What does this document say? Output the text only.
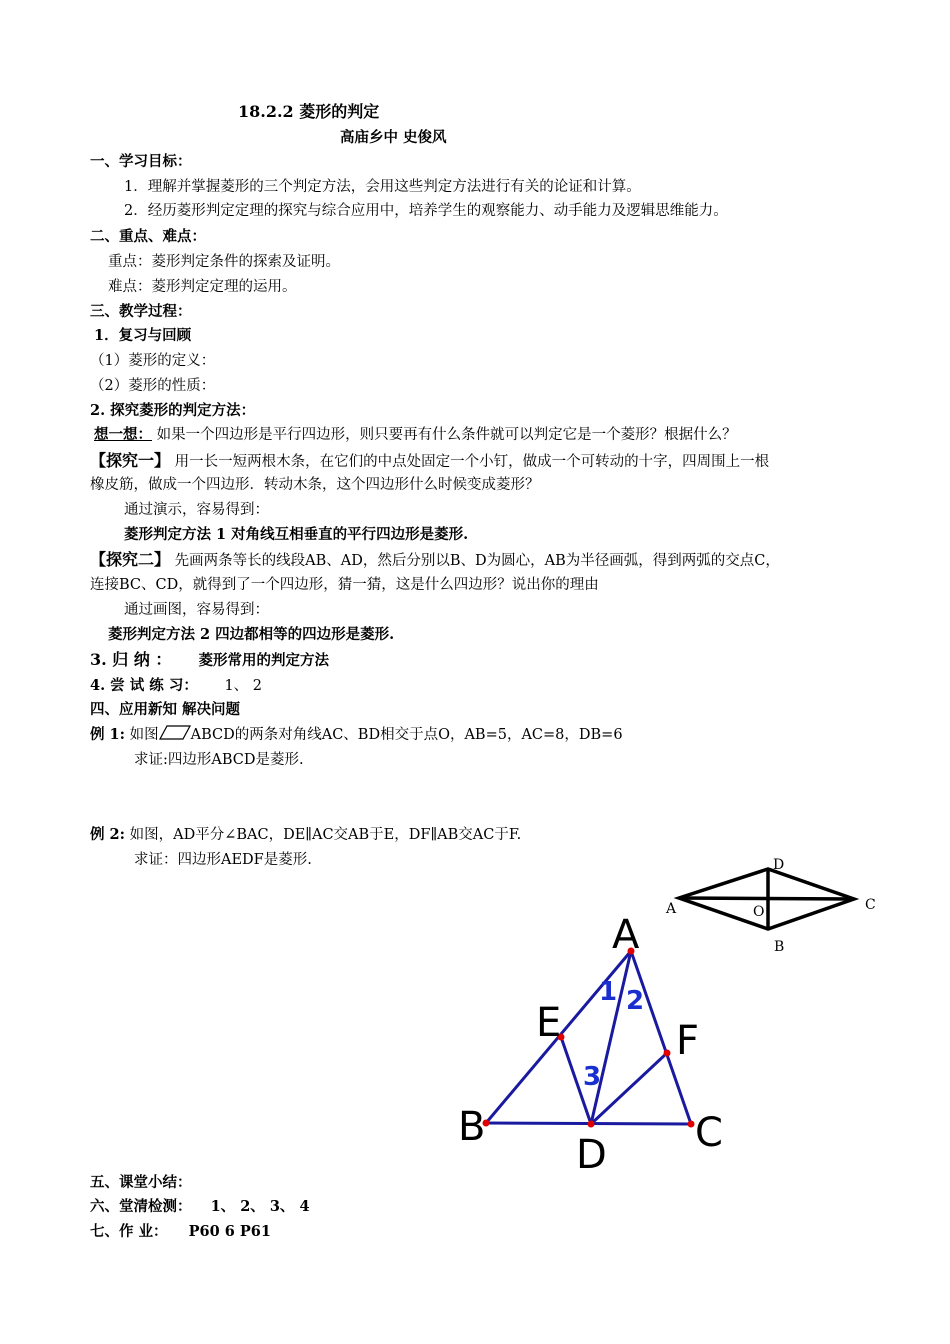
18.2.2 菱形的判定
高庙乡中 史俊风
一、学习目标：
1．理解并掌握菱形的三个判定方法，会用这些判定方法进行有关的论证和计算。
2．经历菱形判定定理的探究与综合应用中，培养学生的观察能力、动手能力及逻辑思维能力。
二、重点、难点：
重点：菱形判定条件的探索及证明。
难点：菱形判定定理的运用。
三、教学过程：
1．复习与回顾
（1）菱形的定义：
（2）菱形的性质：
2. 探究菱形的判定方法：
想一想： 如果一个四边形是平行四边形，则只要再有什么条件就可以判定它是一个菱形？根据什么？
【探究一】 用一长一短两根木条，在它们的中点处固定一个小钉，做成一个可转动的十字，四周围上一根
橡皮筋，做成一个四边形．转动木条，这个四边形什么时候变成菱形？
通过演示，容易得到：
菱形判定方法 1 对角线互相垂直的平行四边形是菱形.
【探究二】 先画两条等长的线段AB、AD，然后分别以B、D为圆心，AB为半径画弧，得到两弧的交点C，
连接BC、CD，就得到了一个四边形，猜一猜，这是什么四边形？说出你的理由
通过画图，容易得到：
菱形判定方法 2 四边都相等的四边形是菱形.
3. 归 纳 ： 菱形常用的判定方法
4. 尝 试 练 习： 1、 2
四、应用新知 解决问题
例 1: 如图 ABCD的两条对角线AC、BD相交于点O，AB=5，AC=8，DB=6
求证:四边形ABCD是菱形.
例 2: 如图，AD平分∠BAC，DE∥AC交AB于E，DF∥AB交AC于F.
求证：四边形AEDF是菱形.	D
A	C
O
B
A
E	F
B	C
D
1 2
3
五、课堂小结：
六、堂清检测： 1、 2、 3、 4
七、作 业： P60 6 P61
